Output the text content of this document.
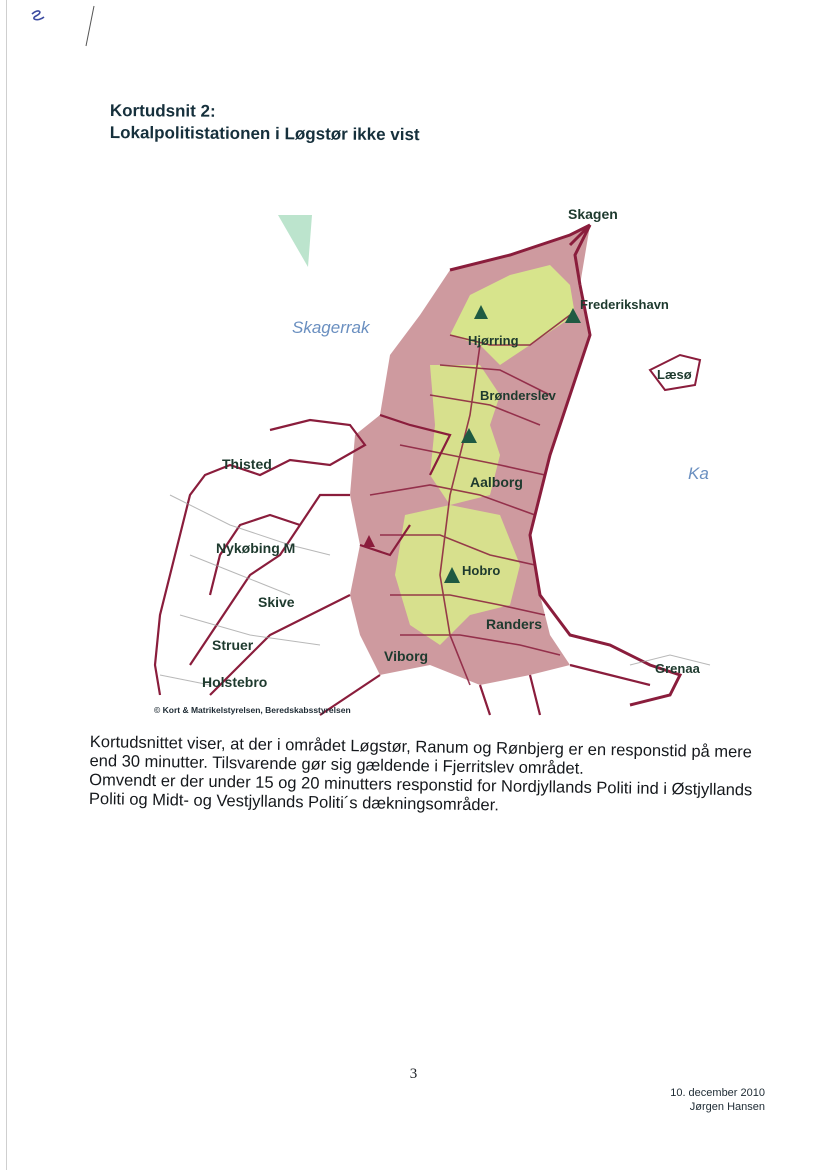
Kortudsnit 2:
Lokalpolitistationen i Løgstør ikke vist
Skagen
Frederikshavn
Hjørring
Brønderslev
Læsø
Thisted
Aalborg
Nykøbing M
Hobro
Skive
Struer
Randers
Viborg
Grenaa
Holstebro
Skagerrak
Ka
© Kort & Matrikelstyrelsen, Beredskabsstyrelsen

Kortudsnittet viser, at der i området Løgstør, Ranum og Rønbjerg er en responstid på mere end 30 minutter. Tilsvarende gør sig gældende i Fjerritslev området.

Omvendt er der under 15 og 20 minutters responstid for Nordjyllands Politi ind i Østjyllands Politi og Midt- og Vestjyllands Politi´s dækningsområder.

3
10. december 2010
Jørgen Hansen
